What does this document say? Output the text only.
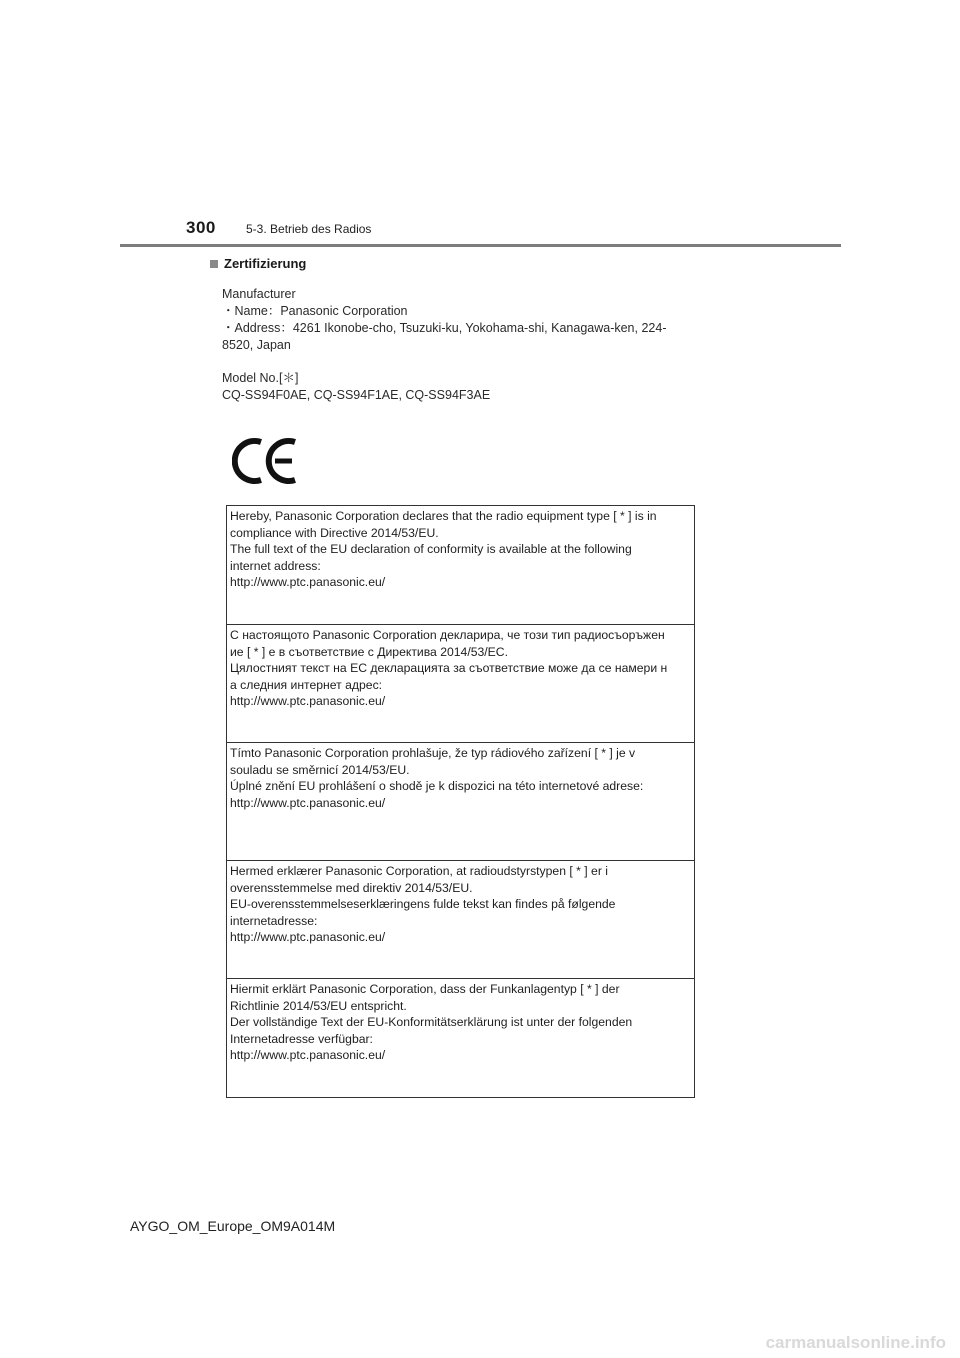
300	5-3. Betrieb des Radios
Zertifizierung
Manufacturer
・Name：Panasonic Corporation
・Address：4261 Ikonobe-cho, Tsuzuki-ku, Yokohama-shi, Kanagawa-ken, 224-
8520, Japan
Model No.[＊]
CQ-SS94F0AE, CQ-SS94F1AE, CQ-SS94F3AE
Hereby, Panasonic Corporation declares that the radio equipment type [ * ] is in
compliance with Directive 2014/53/EU.
The full text of the EU declaration of conformity is available at the following
internet address:
http://www.ptc.panasonic.eu/
С настоящото Panasonic Corporation декларира, че този тип радиосъоръжен
ие [ * ] е в съответствие с Директива 2014/53/ЕС.
Цялостният текст на ЕС декларацията за съответствие може да се намери н
а следния интернет адрес:
http://www.ptc.panasonic.eu/
Tímto Panasonic Corporation prohlašuje, že typ rádiového zařízení [ * ] je v
souladu se směrnicí 2014/53/EU.
Úplné znění EU prohlášení o shodě je k dispozici na této internetové adrese:
http://www.ptc.panasonic.eu/
Hermed erklærer Panasonic Corporation, at radioudstyrstypen [ * ] er i
overensstemmelse med direktiv 2014/53/EU.
EU-overensstemmelseserklæringens fulde tekst kan findes på følgende
internetadresse:
http://www.ptc.panasonic.eu/
Hiermit erklärt Panasonic Corporation, dass der Funkanlagentyp [ * ] der
Richtlinie 2014/53/EU entspricht.
Der vollständige Text der EU-Konformitätserklärung ist unter der folgenden
Internetadresse verfügbar:
http://www.ptc.panasonic.eu/
AYGO_OM_Europe_OM9A014M
carmanualsonline.info
